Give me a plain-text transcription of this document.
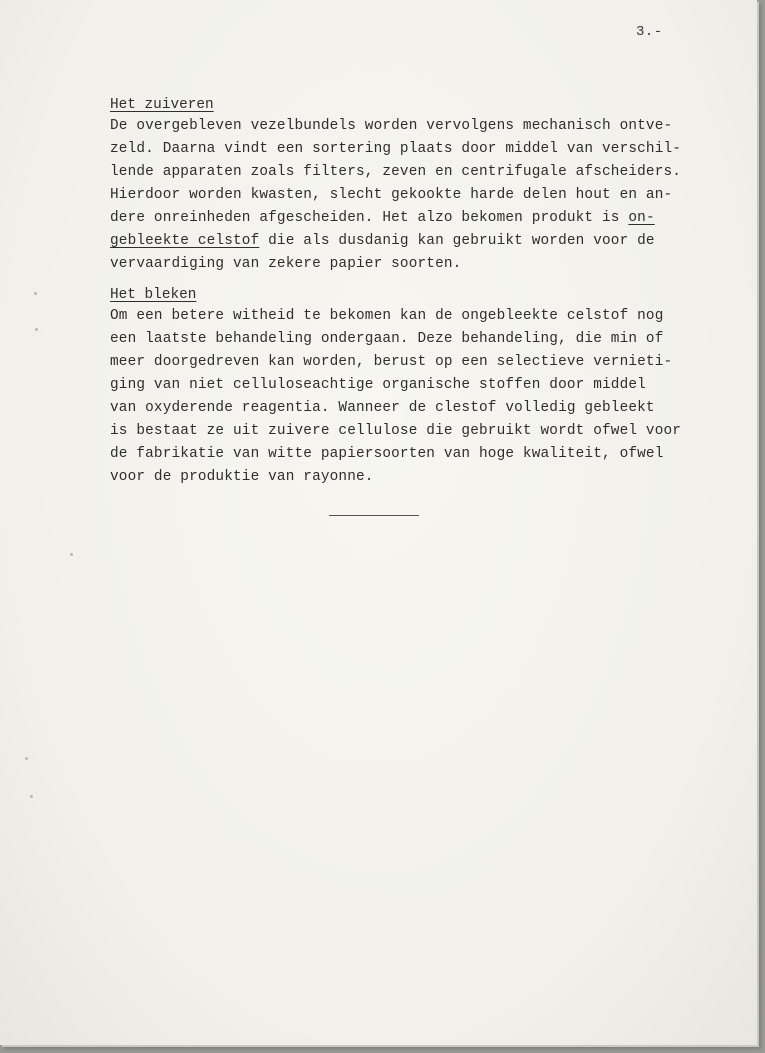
3.-
Het zuiveren
De overgebleven vezelbundels worden vervolgens mechanisch ontve-
zeld. Daarna vindt een sortering plaats door middel van verschil-
lende apparaten zoals filters, zeven en centrifugale afscheiders.
Hierdoor worden kwasten, slecht gekookte harde delen hout en an-
dere onreinheden afgescheiden. Het alzo bekomen produkt is on-
gebleekte celstof die als dusdanig kan gebruikt worden voor de
vervaardiging van zekere papier soorten.
Het bleken
Om een betere witheid te bekomen kan de ongebleekte celstof nog
een laatste behandeling ondergaan. Deze behandeling, die min of
meer doorgedreven kan worden, berust op een selectieve vernieti-
ging van niet celluloseachtige organische stoffen door middel
van oxyderende reagentia. Wanneer de clestof volledig gebleekt
is bestaat ze uit zuivere cellulose die gebruikt wordt ofwel voor
de fabrikatie van witte papiersoorten van hoge kwaliteit, ofwel
voor de produktie van rayonne.
